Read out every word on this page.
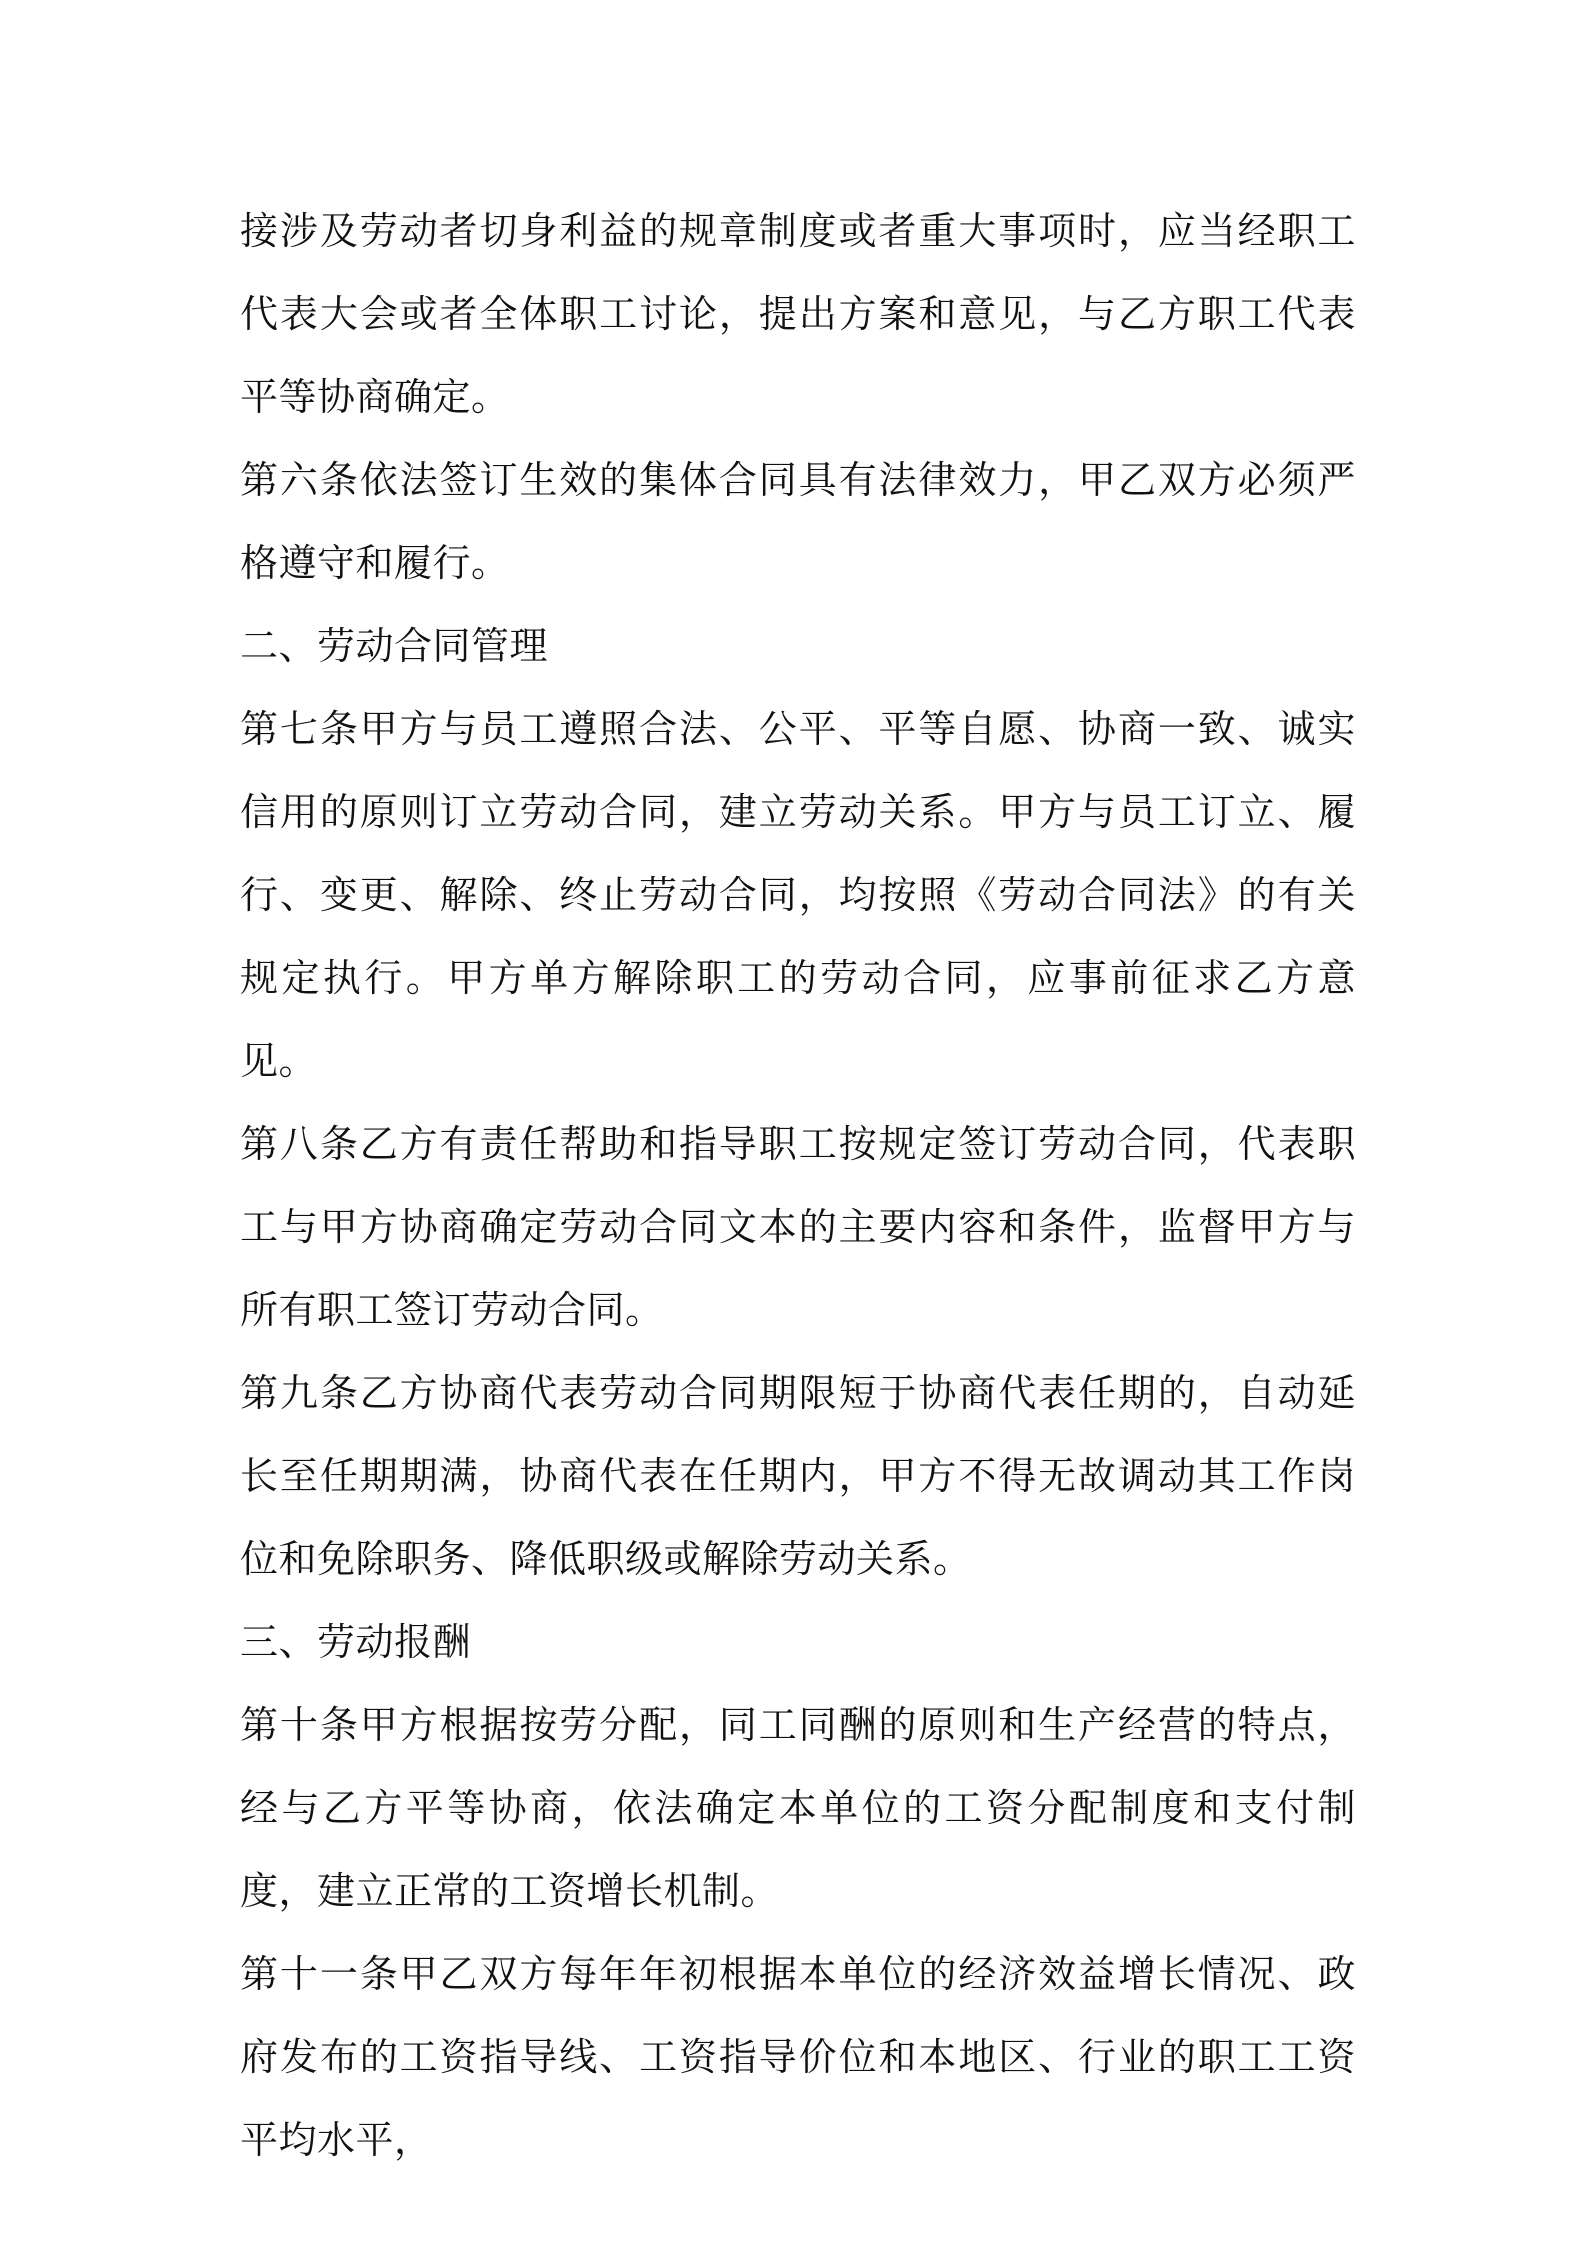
接涉及劳动者切身利益的规章制度或者重大事项时，应当经职工代表大会或者全体职工讨论，提出方案和意见，与乙方职工代表平等协商确定。

第六条依法签订生效的集体合同具有法律效力，甲乙双方必须严格遵守和履行。

二、劳动合同管理

第七条甲方与员工遵照合法、公平、平等自愿、协商一致、诚实信用的原则订立劳动合同，建立劳动关系。甲方与员工订立、履行、变更、解除、终止劳动合同，均按照《劳动合同法》的有关规定执行。甲方单方解除职工的劳动合同，应事前征求乙方意见。

第八条乙方有责任帮助和指导职工按规定签订劳动合同，代表职工与甲方协商确定劳动合同文本的主要内容和条件，监督甲方与所有职工签订劳动合同。

第九条乙方协商代表劳动合同期限短于协商代表任期的，自动延长至任期期满，协商代表在任期内，甲方不得无故调动其工作岗位和免除职务、降低职级或解除劳动关系。

三、劳动报酬

第十条甲方根据按劳分配，同工同酬的原则和生产经营的特点，经与乙方平等协商，依法确定本单位的工资分配制度和支付制度，建立正常的工资增长机制。

第十一条甲乙双方每年年初根据本单位的经济效益增长情况、政府发布的工资指导线、工资指导价位和本地区、行业的职工工资平均水平，
